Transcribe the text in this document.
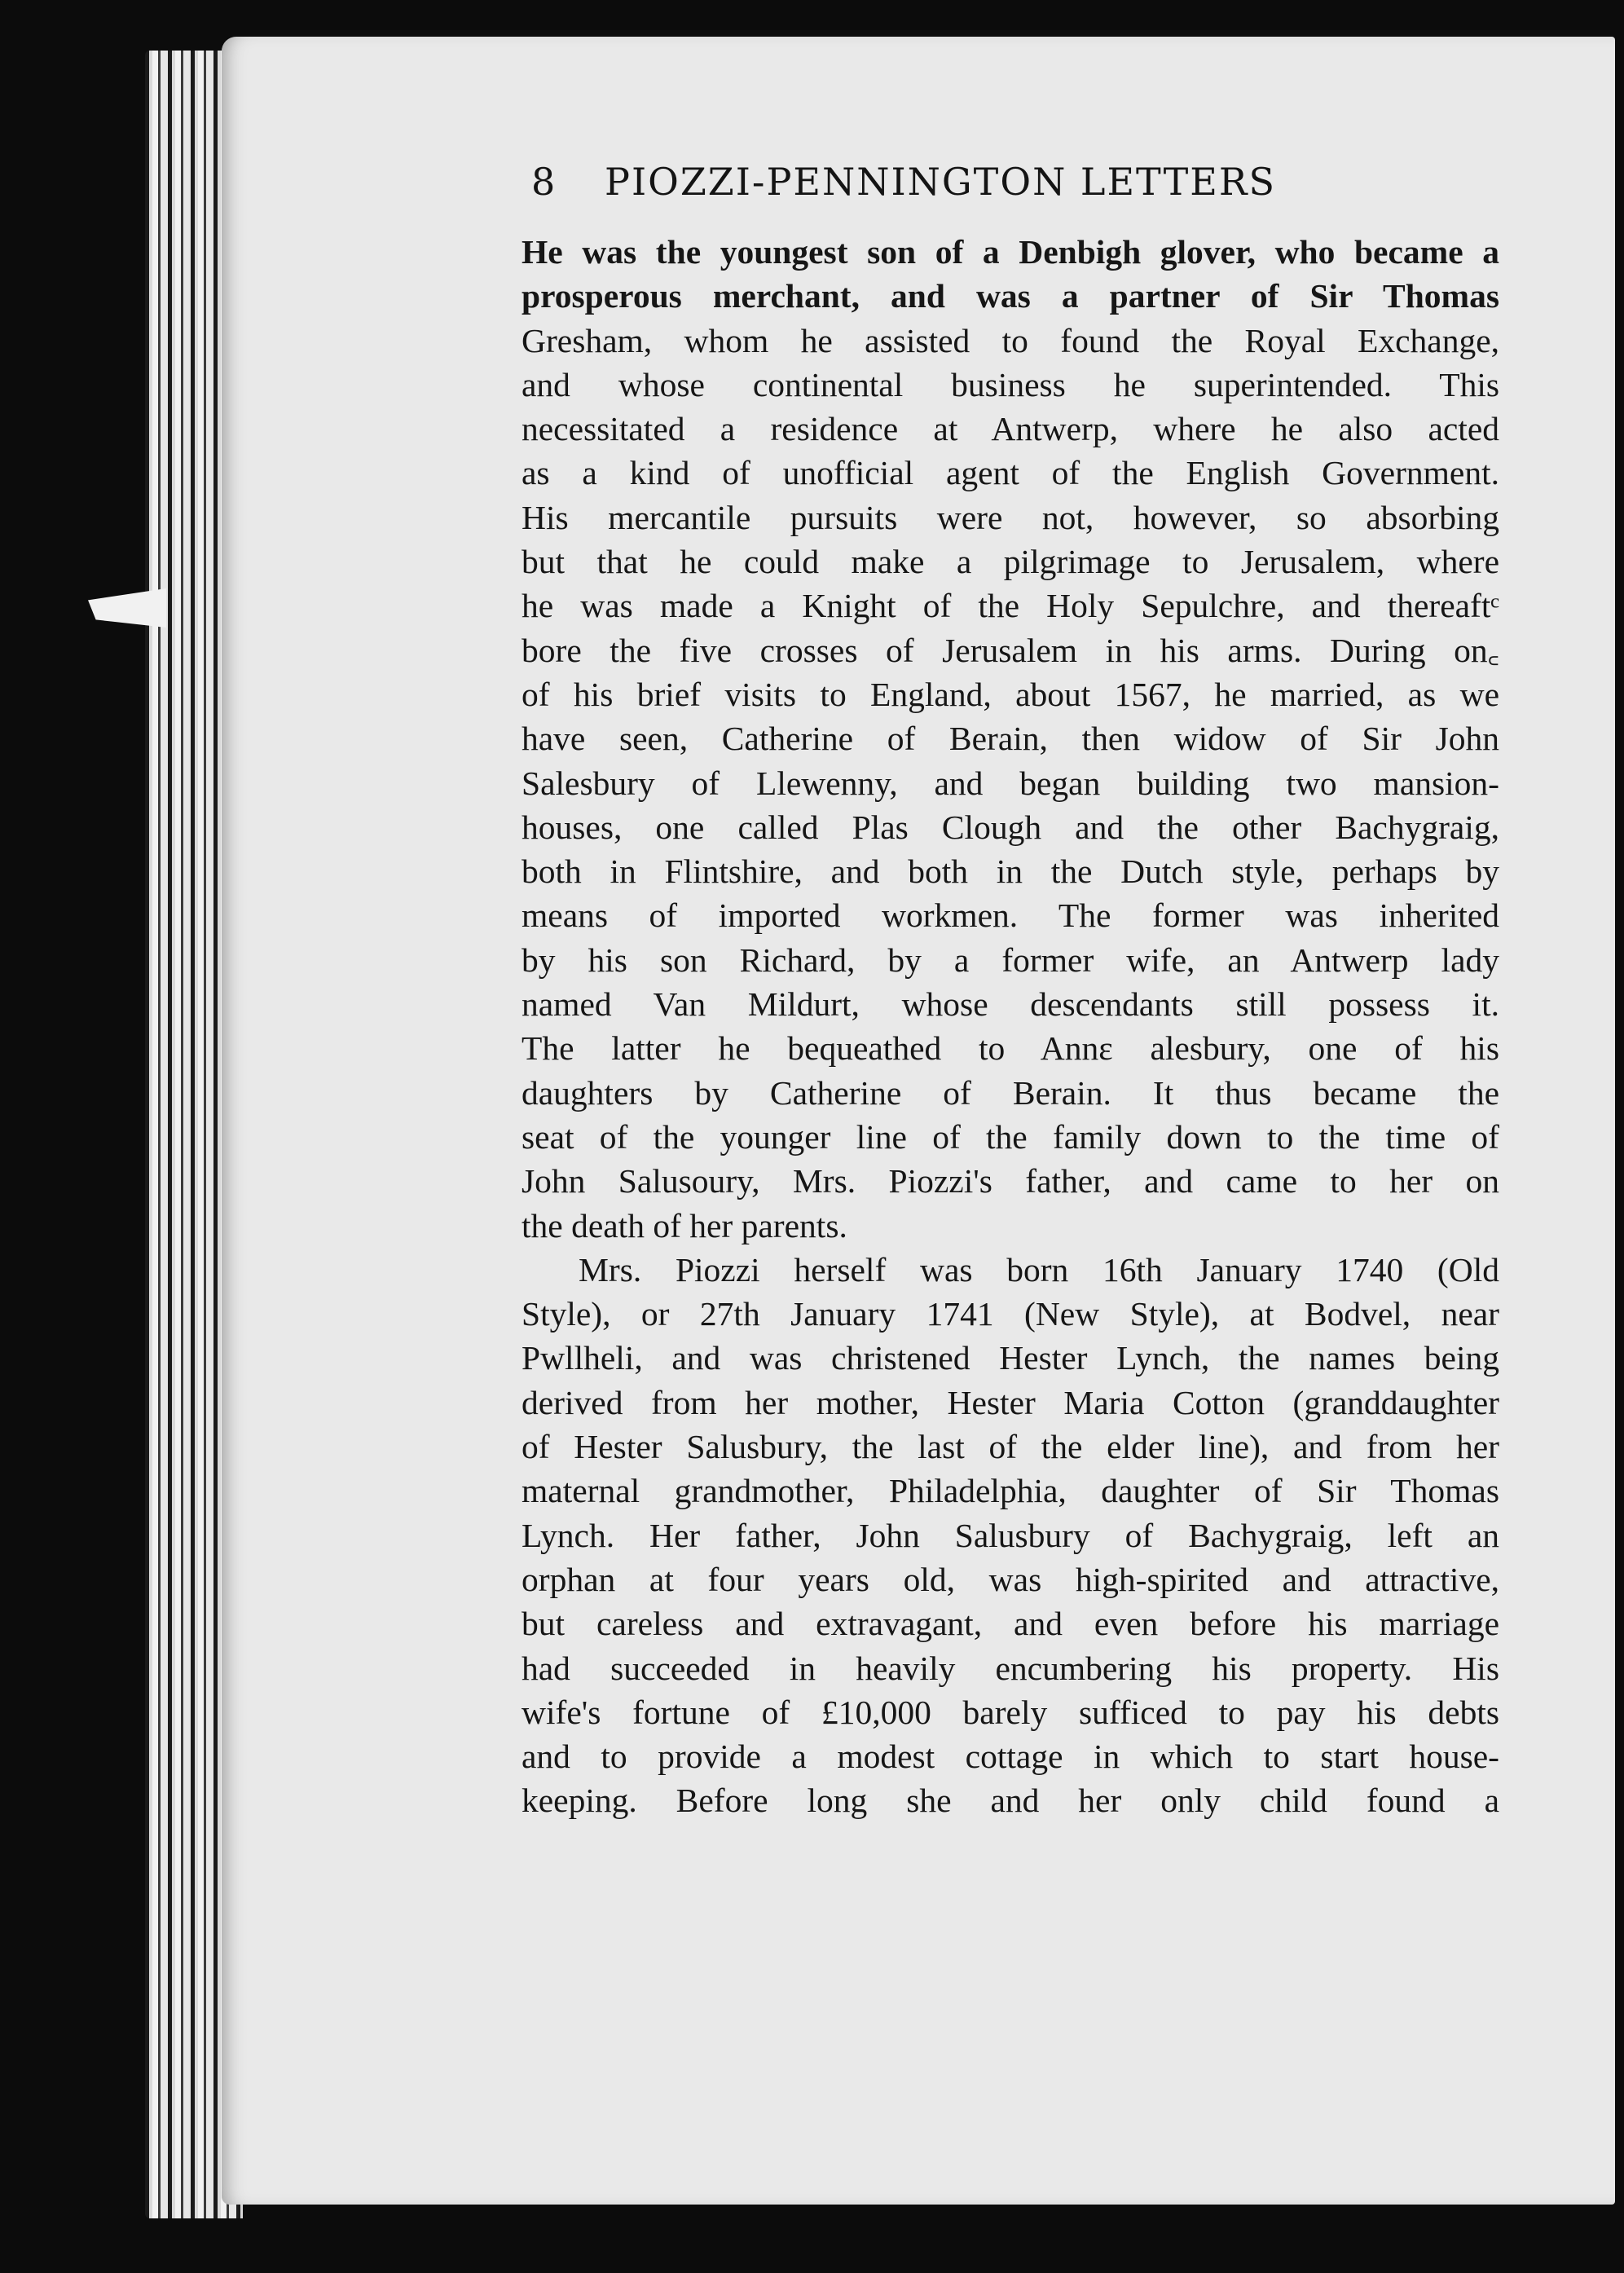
8 PIOZZI-PENNINGTON LETTERS
He was the youngest son of a Denbigh glover, who became a
prosperous merchant, and was a partner of Sir Thomas
Gresham, whom he assisted to found the Royal Exchange,
and whose continental business he superintended. This
necessitated a residence at Antwerp, where he also acted
as a kind of unofficial agent of the English Government.
His mercantile pursuits were not, however, so absorbing
but that he could make a pilgrimage to Jerusalem, where
he was made a Knight of the Holy Sepulchre, and thereaftᶜ
bore the five crosses of Jerusalem in his arms. During on꜀
of his brief visits to England, about 1567, he married, as we
have seen, Catherine of Berain, then widow of Sir John
Salesbury of Llewenny, and began building two mansion-
houses, one called Plas Clough and the other Bachygraig,
both in Flintshire, and both in the Dutch style, perhaps by
means of imported workmen. The former was inherited
by his son Richard, by a former wife, an Antwerp lady
named Van Mildurt, whose descendants still possess it.
The latter he bequeathed to Annɛ alesbury, one of his
daughters by Catherine of Berain. It thus became the
seat of the younger line of the family down to the time of
John Salusoury, Mrs. Piozzi's father, and came to her on
the death of her parents.
Mrs. Piozzi herself was born 16th January 1740 (Old
Style), or 27th January 1741 (New Style), at Bodvel, near
Pwllheli, and was christened Hester Lynch, the names being
derived from her mother, Hester Maria Cotton (granddaughter
of Hester Salusbury, the last of the elder line), and from her
maternal grandmother, Philadelphia, daughter of Sir Thomas
Lynch. Her father, John Salusbury of Bachygraig, left an
orphan at four years old, was high-spirited and attractive,
but careless and extravagant, and even before his marriage
had succeeded in heavily encumbering his property. His
wife's fortune of £10,000 barely sufficed to pay his debts
and to provide a modest cottage in which to start house-
keeping. Before long she and her only child found a
